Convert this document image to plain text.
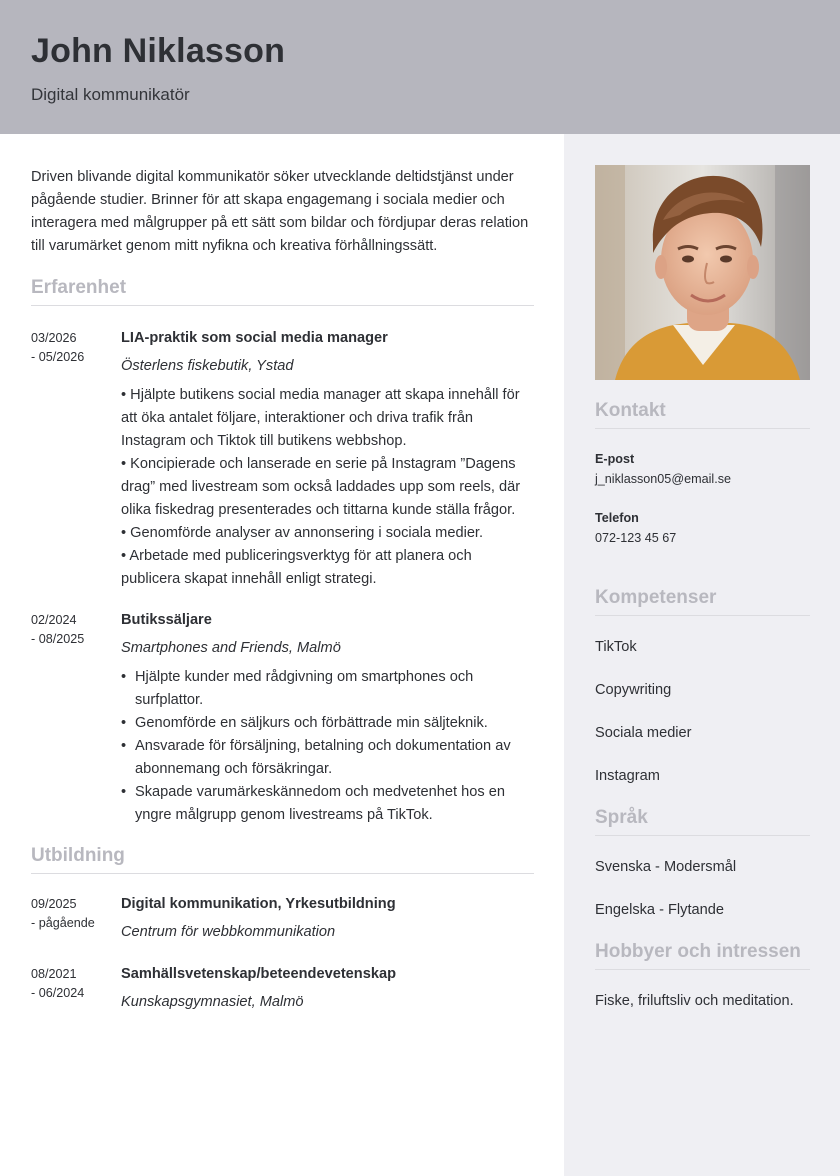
John Niklasson
Digital kommunikatör
Driven blivande digital kommunikatör söker utvecklande deltidstjänst under pågående studier. Brinner för att skapa engagemang i sociala medier och interagera med målgrupper på ett sätt som bildar och fördjupar deras relation till varumärket genom mitt nyfikna och kreativa förhållningssätt.
Erfarenhet
03/2026
- 05/2026
LIA-praktik som social media manager
Österlens fiskebutik, Ystad

• Hjälpte butikens social media manager att skapa innehåll för att öka antalet följare, interaktioner och driva trafik från Instagram och Tiktok till butikens webbshop.

• Koncipierade och lanserade en serie på Instagram ”Dagens drag” med livestream som också laddades upp som reels, där olika fiskedrag presenterades och tittarna kunde ställa frågor.

• Genomförde analyser av annonsering i sociala medier.

• Arbetade med publiceringsverktyg för att planera och publicera skapat innehåll enligt strategi.

02/2024
- 08/2025
Butikssäljare
Smartphones and Friends, Malmö
• Hjälpte kunder med rådgivning om smartphones och surfplattor.
• Genomförde en säljkurs och förbättrade min säljteknik.
• Ansvarade för försäljning, betalning och dokumentation av abonnemang och försäkringar.
• Skapade varumärkeskännedom och medvetenhet hos en yngre målgrupp genom livestreams på TikTok.
Utbildning
09/2025
- pågående
Digital kommunikation, Yrkesutbildning
Centrum för webbkommunikation
08/2021
- 06/2024
Samhällsvetenskap/beteendevetenskap
Kunskapsgymnasiet, Malmö
Kontakt
E-post
j_niklasson05@email.se
Telefon
072-123 45 67
Kompetenser
TikTok
Copywriting
Sociala medier
Instagram
Språk
Svenska - Modersmål
Engelska - Flytande
Hobbyer och intressen
Fiske, friluftsliv och meditation.
